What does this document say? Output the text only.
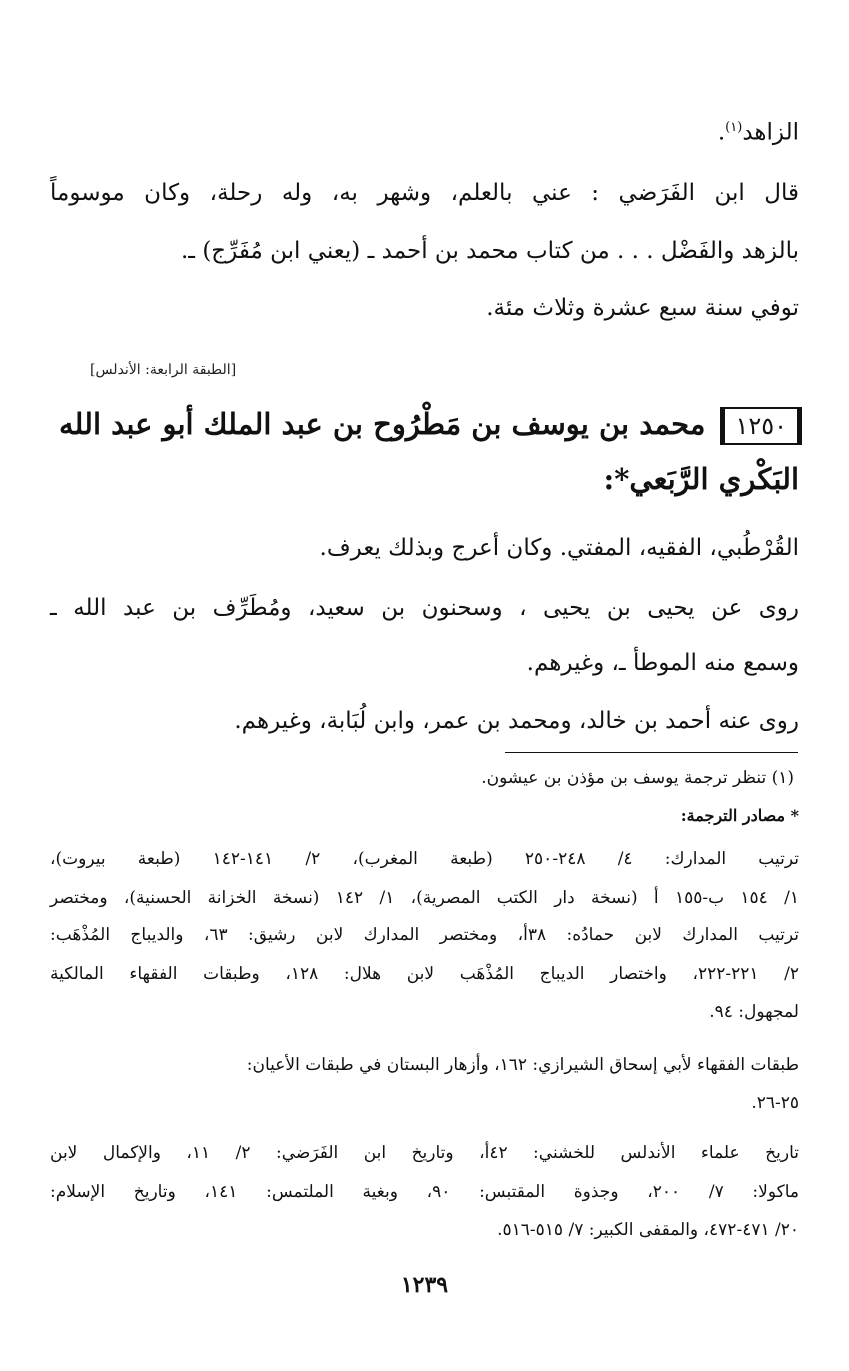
الزاهد$^{(١)}$.
قال ابن الفَرَضي : عني بالعلم، وشهر به، وله رحلة، وكان موسوماً
بالزهد والفَضْل . . . من كتاب محمد بن أحمد ـ (يعني ابن مُفَرِّج) ـ.
توفي سنة سبع عشرة وثلاث مئة.
[الطبقة الرابعة: الأندلس]
١٢٥٠محمد بن يوسف بن مَطْرُوح بن عبد الملك أبو عبد الله
البَكْري الرَّبَعي*:
القُرْطُبي، الفقيه، المفتي. وكان أعرج وبذلك يعرف.
روى عن يحيى بن يحيى ، وسحنون بن سعيد، ومُطَرِّف بن عبد الله ـ
وسمع منه الموطأ ـ، وغيرهم.
روى عنه أحمد بن خالد، ومحمد بن عمر، وابن لُبَابة، وغيرهم.
(١) تنظر ترجمة يوسف بن مؤذن بن عيشون.
* مصادر الترجمة:
ترتيب المدارك: ٤/ ٢٤٨-٢٥٠ (طبعة المغرب)، ٢/ ١٤١-١٤٢ (طبعة بيروت)،
١/ ١٥٤ ب-١٥٥ أ (نسخة دار الكتب المصرية)، ١/ ١٤٢ (نسخة الخزانة الحسنية)، ومختصر
ترتيب المدارك لابن حمادُه: ٣٨أ، ومختصر المدارك لابن رشيق: ٦٣، والديباج المُذْهَب:
٢/ ٢٢١-٢٢٢، واختصار الديباج المُذْهَب لابن هلال: ١٢٨، وطبقات الفقهاء المالكية
لمجهول: ٩٤.
طبقات الفقهاء لأبي إسحاق الشيرازي: ١٦٢، وأزهار البستان في طبقات الأعيان:
٢٥-٢٦.
تاريخ علماء الأندلس للخشني: ٤٢أ، وتاريخ ابن الفَرَضي: ٢/ ١١، والإكمال لابن
ماكولا: ٧/ ٢٠٠، وجذوة المقتبس: ٩٠، وبغية الملتمس: ١٤١، وتاريخ الإسلام:
٢٠/ ٤٧١-٤٧٢، والمقفى الكبير: ٧/ ٥١٥-٥١٦.
١٢٣٩
